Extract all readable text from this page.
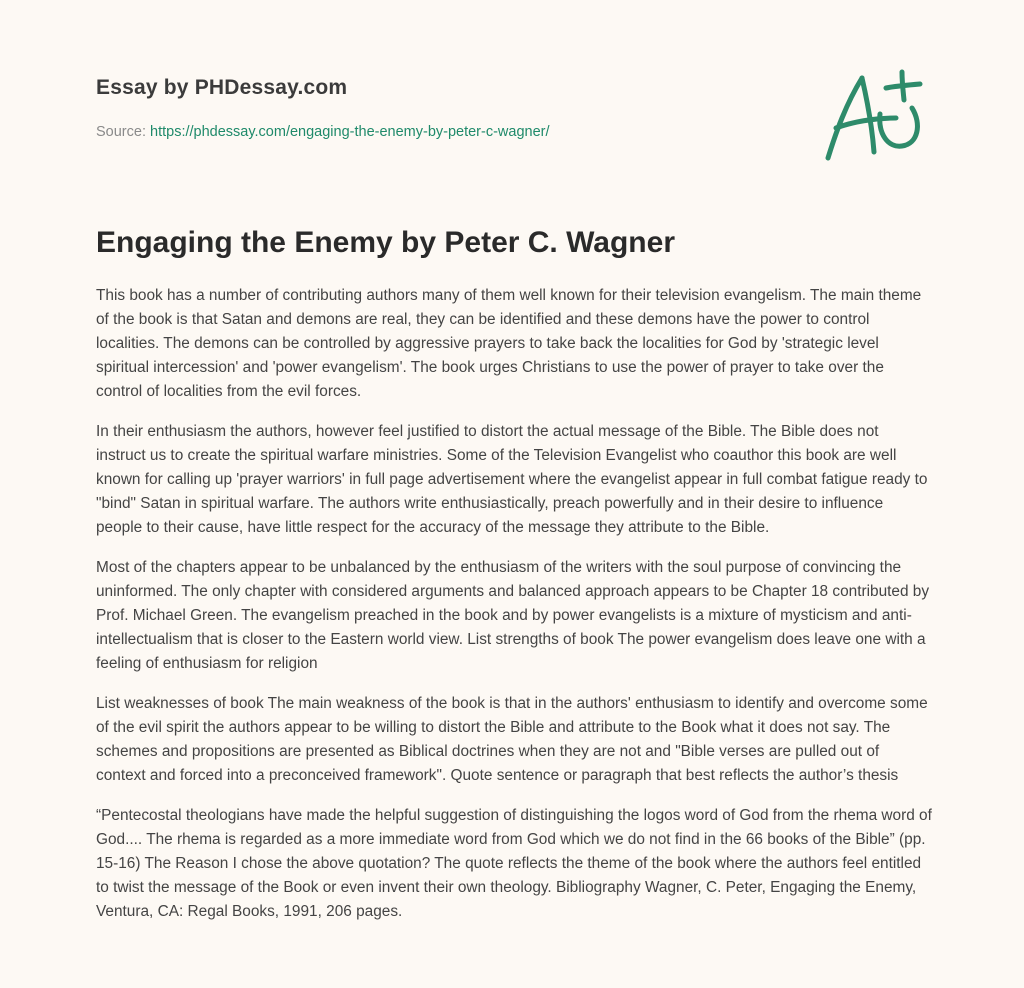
Essay by PHDessay.com
Source: https://phdessay.com/engaging-the-enemy-by-peter-c-wagner/
Engaging the Enemy by Peter C. Wagner

This book has a number of contributing authors many of them well known for their television evangelism. The main theme of the book is that Satan and demons are real, they can be identified and these demons have the power to control localities. The demons can be controlled by aggressive prayers to take back the localities for God by 'strategic level spiritual intercession' and 'power evangelism'. The book urges Christians to use the power of prayer to take over the control of localities from the evil forces.

In their enthusiasm the authors, however feel justified to distort the actual message of the Bible. The Bible does not instruct us to create the spiritual warfare ministries. Some of the Television Evangelist who coauthor this book are well known for calling up 'prayer warriors' in full page advertisement where the evangelist appear in full combat fatigue ready to "bind" Satan in spiritual warfare. The authors write enthusiastically, preach powerfully and in their desire to influence people to their cause, have little respect for the accuracy of the message they attribute to the Bible.

Most of the chapters appear to be unbalanced by the enthusiasm of the writers with the soul purpose of convincing the uninformed. The only chapter with considered arguments and balanced approach appears to be Chapter 18 contributed by Prof. Michael Green. The evangelism preached in the book and by power evangelists is a mixture of mysticism and anti-intellectualism that is closer to the Eastern world view. List strengths of book The power evangelism does leave one with a feeling of enthusiasm for religion

List weaknesses of book The main weakness of the book is that in the authors' enthusiasm to identify and overcome some of the evil spirit the authors appear to be willing to distort the Bible and attribute to the Book what it does not say. The schemes and propositions are presented as Biblical doctrines when they are not and "Bible verses are pulled out of context and forced into a preconceived framework". Quote sentence or paragraph that best reflects the author’s thesis

“Pentecostal theologians have made the helpful suggestion of distinguishing the logos word of God from the rhema word of God.... The rhema is regarded as a more immediate word from God which we do not find in the 66 books of the Bible” (pp. 15-16) The Reason I chose the above quotation? The quote reflects the theme of the book where the authors feel entitled to twist the message of the Book or even invent their own theology. Bibliography Wagner, C. Peter, Engaging the Enemy, Ventura, CA: Regal Books, 1991, 206 pages.
